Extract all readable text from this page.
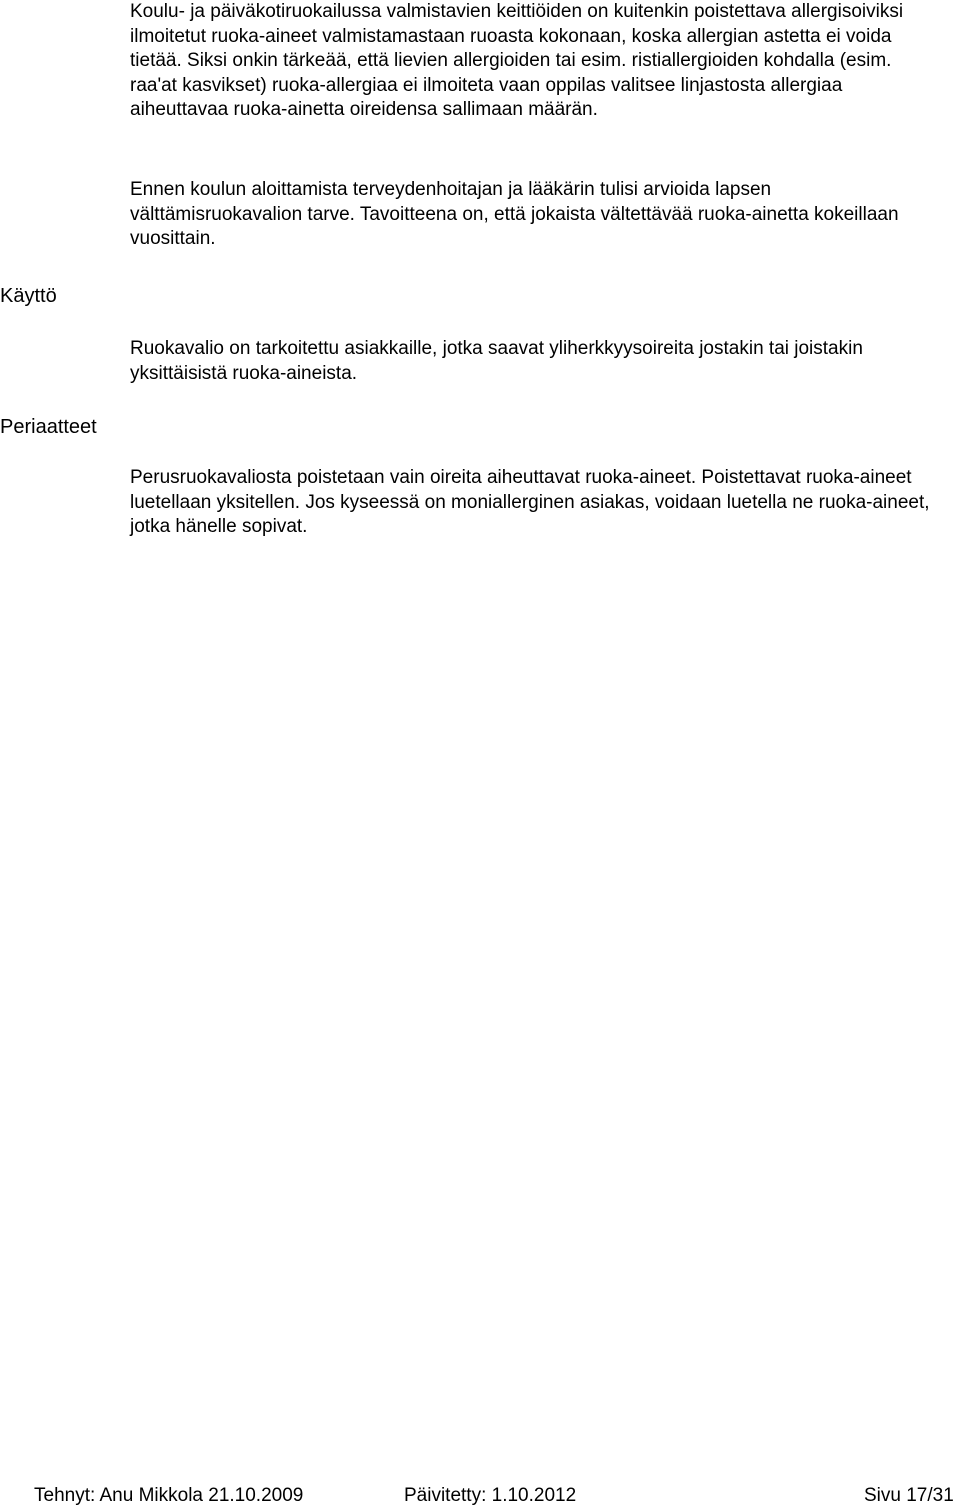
Koulu- ja päiväkotiruokailussa valmistavien keittiöiden on kuitenkin poistettava allergisoiviksi ilmoitetut ruoka-aineet valmistamastaan ruoasta kokonaan, koska allergian astetta ei voida tietää. Siksi onkin tärkeää, että lievien allergioiden tai esim. ristiallergioiden kohdalla (esim. raa'at kasvikset) ruoka-allergiaa ei ilmoiteta vaan oppilas valitsee linjastosta allergiaa aiheuttavaa ruoka-ainetta oireidensa sallimaan määrän.

Ennen koulun aloittamista terveydenhoitajan ja lääkärin tulisi arvioida lapsen välttämisruokavalion tarve. Tavoitteena on, että jokaista vältettävää ruoka-ainetta kokeillaan vuosittain.

Käyttö

Ruokavalio on tarkoitettu asiakkaille, jotka saavat yliherkkyysoireita jostakin tai joistakin yksittäisistä ruoka-aineista.

Periaatteet

Perusruokavaliosta poistetaan vain oireita aiheuttavat ruoka-aineet. Poistettavat ruoka-aineet luetellaan yksitellen. Jos kyseessä on moniallerginen asiakas, voidaan luetella ne ruoka-aineet, jotka hänelle sopivat.

Tehnyt: Anu Mikkola 21.10.2009	Päivitetty: 1.10.2012	Sivu 17/31
